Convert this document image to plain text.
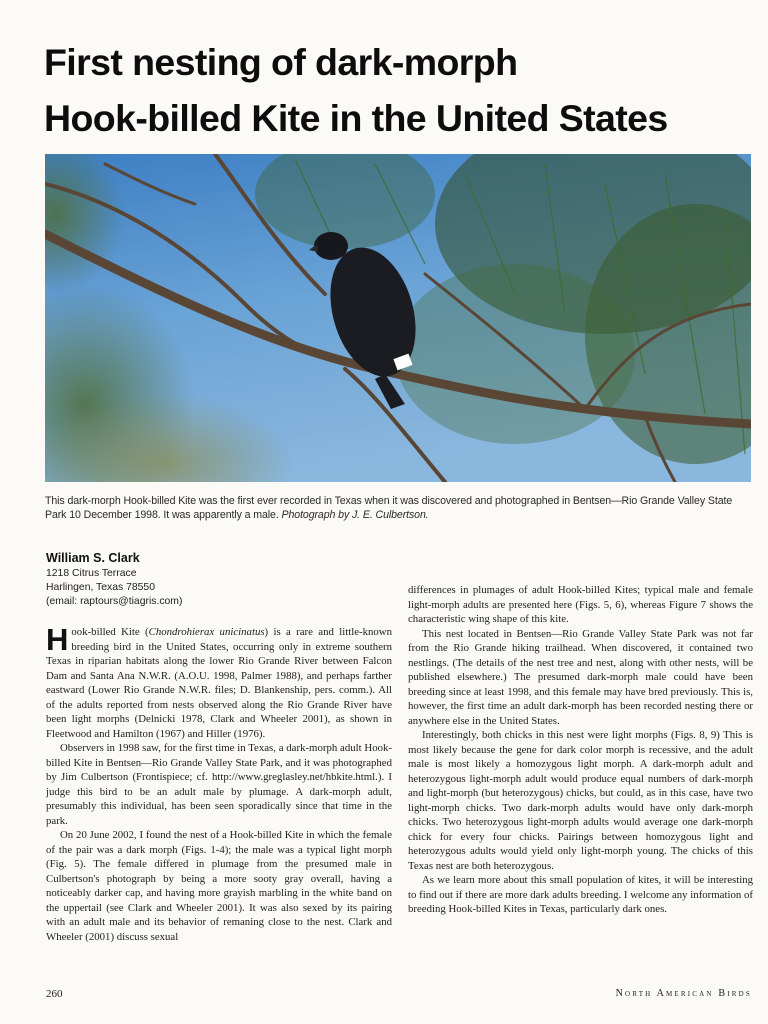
First nesting of dark-morph
Hook-billed Kite in the United States
This dark-morph Hook-billed Kite was the first ever recorded in Texas when it was discovered and photographed in Bentsen—Rio Grande Valley State Park 10 December 1998. It was apparently a male. Photograph by J. E. Culbertson.
William S. Clark
1218 Citrus Terrace
Harlingen, Texas 78550
(email: raptours@tiagris.com)

Hook-billed Kite (Chondrohierax unicinatus) is a rare and little-known breeding bird in the United States, occurring only in extreme southern Texas in riparian habitats along the lower Rio Grande River between Falcon Dam and Santa Ana N.W.R. (A.O.U. 1998, Palmer 1988), and perhaps farther eastward (Lower Rio Grande N.W.R. files; D. Blankenship, pers. comm.). All of the adults reported from nests observed along the Rio Grande River have been light morphs (Delnicki 1978, Clark and Wheeler 2001), as shown in Fleetwood and Hamilton (1967) and Hiller (1976).

Observers in 1998 saw, for the first time in Texas, a dark-morph adult Hook-billed Kite in Bentsen—Rio Grande Valley State Park, and it was photographed by Jim Culbertson (Frontispiece; cf. http://www.greglasley.net/hbkite.html.). I judge this bird to be an adult male by plumage. A dark-morph adult, presumably this individual, has been seen sporadically since that time in the park.

On 20 June 2002, I found the nest of a Hook-billed Kite in which the female of the pair was a dark morph (Figs. 1-4); the male was a typical light morph (Fig. 5). The female differed in plumage from the presumed male in Culbertson's photograph by being a more sooty gray overall, having a noticeably darker cap, and having more grayish marbling in the white band on the uppertail (see Clark and Wheeler 2001). It was also sexed by its pairing with an adult male and its behavior of remaning close to the nest. Clark and Wheeler (2001) discuss sexual

differences in plumages of adult Hook-billed Kites; typical male and female light-morph adults are presented here (Figs. 5, 6), whereas Figure 7 shows the characteristic wing shape of this kite.

This nest located in Bentsen—Rio Grande Valley State Park was not far from the Rio Grande hiking trailhead. When discovered, it contained two nestlings. (The details of the nest tree and nest, along with other nests, will be published elsewhere.) The presumed dark-morph male could have been breeding since at least 1998, and this female may have bred previously. This is, however, the first time an adult dark-morph has been recorded nesting there or anywhere else in the United States.

Interestingly, both chicks in this nest were light morphs (Figs. 8, 9) This is most likely because the gene for dark color morph is recessive, and the adult male is most likely a homozygous light morph. A dark-morph adult and heterozygous light-morph adult would produce equal numbers of dark-morph and light-morph (but heterozygous) chicks, but could, as in this case, have two light-morph chicks. Two dark-morph adults would have only dark-morph chicks. Two heterozygous light-morph adults would average one dark-morph chick for every four chicks. Pairings between homozygous light and heterozygous adults would yield only light-morph young. The chicks of this Texas nest are both heterozygous.

As we learn more about this small population of kites, it will be interesting to find out if there are more dark adults breeding. I welcome any information of breeding Hook-billed Kites in Texas, particularly dark ones.

260	North American Birds
